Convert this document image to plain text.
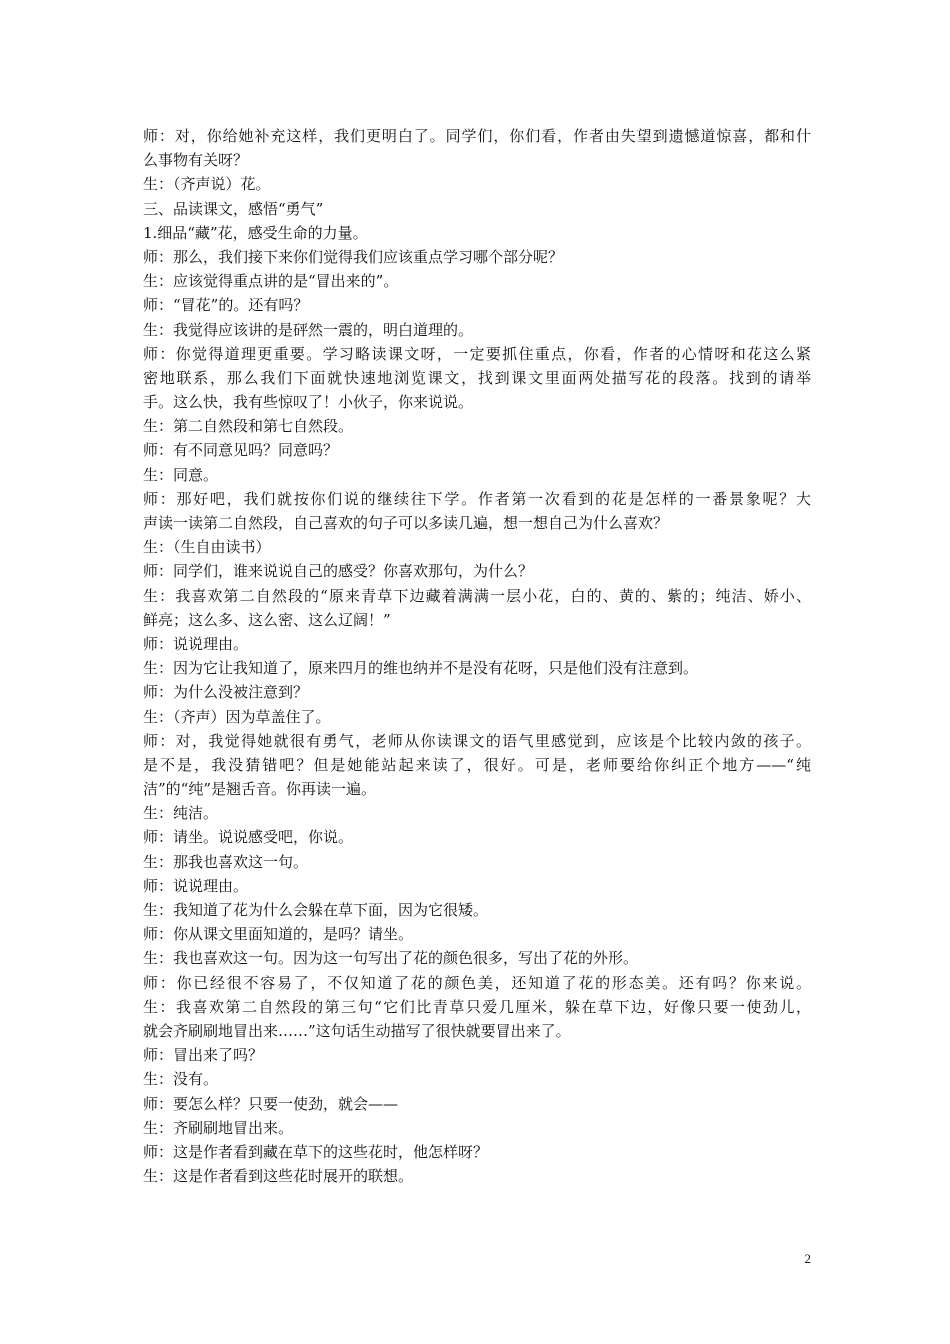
师：对，你给她补充这样，我们更明白了。同学们，你们看，作者由失望到遗憾道惊喜，都和什
么事物有关呀？
生：（齐声说）花。
三、品读课文，感悟“勇气”
1.细品“藏”花，感受生命的力量。
师：那么，我们接下来你们觉得我们应该重点学习哪个部分呢？
生：应该觉得重点讲的是“冒出来的”。
师：“冒花”的。还有吗？
生：我觉得应该讲的是砰然一震的，明白道理的。
师：你觉得道理更重要。学习略读课文呀，一定要抓住重点，你看，作者的心情呀和花这么紧
密地联系，那么我们下面就快速地浏览课文，找到课文里面两处描写花的段落。找到的请举
手。这么快，我有些惊叹了！小伙子，你来说说。
生：第二自然段和第七自然段。
师：有不同意见吗？同意吗？
生：同意。
师：那好吧，我们就按你们说的继续往下学。作者第一次看到的花是怎样的一番景象呢？大
声读一读第二自然段，自己喜欢的句子可以多读几遍，想一想自己为什么喜欢？
生：（生自由读书）
师：同学们，谁来说说自己的感受？你喜欢那句，为什么？
生：我喜欢第二自然段的“原来青草下边藏着满满一层小花，白的、黄的、紫的；纯洁、娇小、
鲜亮；这么多、这么密、这么辽阔！”
师：说说理由。
生：因为它让我知道了，原来四月的维也纳并不是没有花呀，只是他们没有注意到。
师：为什么没被注意到？
生：（齐声）因为草盖住了。
师：对，我觉得她就很有勇气，老师从你读课文的语气里感觉到，应该是个比较内敛的孩子。
是不是，我没猜错吧？但是她能站起来读了，很好。可是，老师要给你纠正个地方——“纯
洁”的“纯”是翘舌音。你再读一遍。
生：纯洁。
师：请坐。说说感受吧，你说。
生：那我也喜欢这一句。
师：说说理由。
生：我知道了花为什么会躲在草下面，因为它很矮。
师：你从课文里面知道的，是吗？请坐。
生：我也喜欢这一句。因为这一句写出了花的颜色很多，写出了花的外形。
师：你已经很不容易了，不仅知道了花的颜色美，还知道了花的形态美。还有吗？你来说。
生：我喜欢第二自然段的第三句“它们比青草只爱几厘米，躲在草下边，好像只要一使劲儿，
就会齐刷刷地冒出来……”这句话生动描写了很快就要冒出来了。
师：冒出来了吗？
生：没有。
师：要怎么样？只要一使劲，就会——
生：齐刷刷地冒出来。
师：这是作者看到藏在草下的这些花时，他怎样呀？
生：这是作者看到这些花时展开的联想。
2
